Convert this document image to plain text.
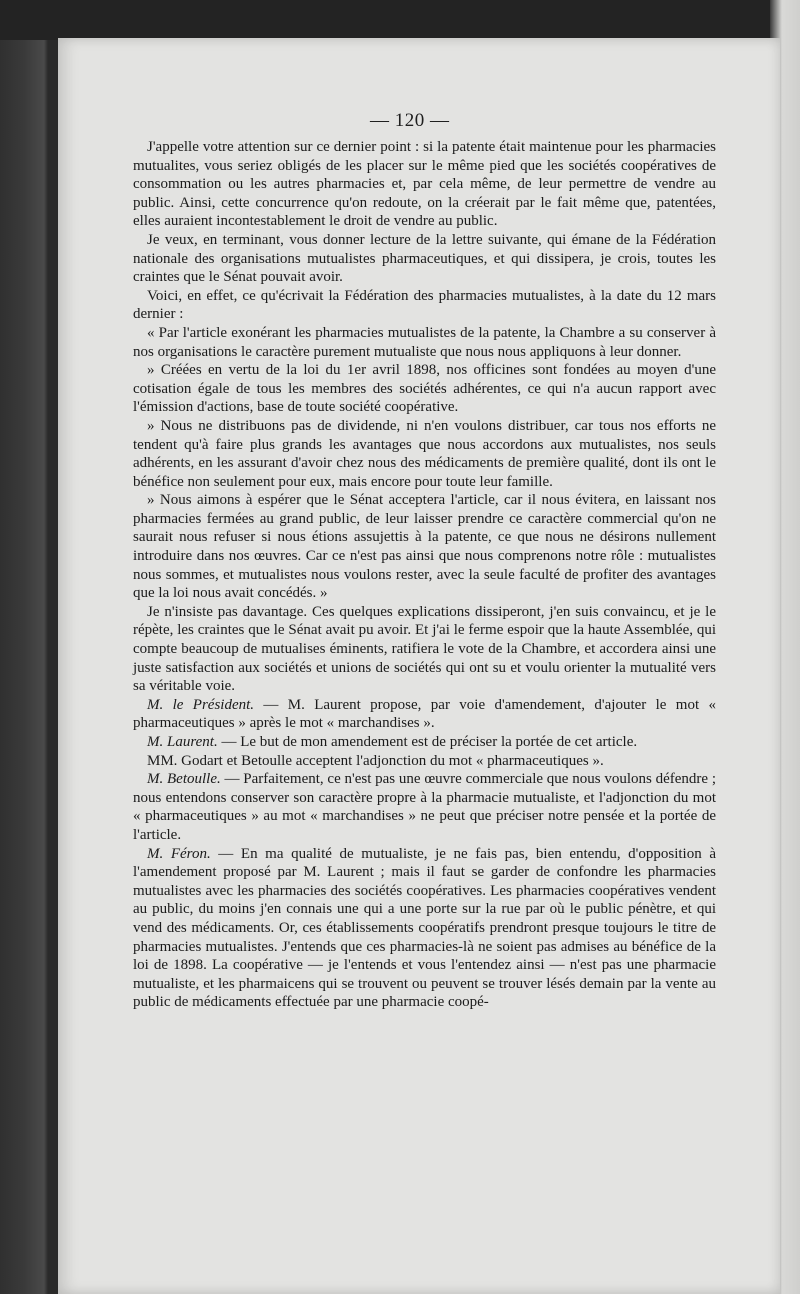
— 120 —

J'appelle votre attention sur ce dernier point : si la patente était maintenue pour les pharmacies mutualites, vous seriez obligés de les placer sur le même pied que les sociétés coopératives de consommation ou les autres pharmacies et, par cela même, de leur permettre de vendre au public. Ainsi, cette concurrence qu'on redoute, on la créerait par le fait même que, patentées, elles auraient incontestablement le droit de vendre au public.

Je veux, en terminant, vous donner lecture de la lettre suivante, qui émane de la Fédération nationale des organisations mutualistes pharmaceutiques, et qui dissipera, je crois, toutes les craintes que le Sénat pouvait avoir.

Voici, en effet, ce qu'écrivait la Fédération des pharmacies mutualistes, à la date du 12 mars dernier :

« Par l'article exonérant les pharmacies mutualistes de la patente, la Chambre a su conserver à nos organisations le caractère purement mutualiste que nous nous appliquons à leur donner.

» Créées en vertu de la loi du 1er avril 1898, nos officines sont fondées au moyen d'une cotisation égale de tous les membres des sociétés adhérentes, ce qui n'a aucun rapport avec l'émission d'actions, base de toute société coopérative.

» Nous ne distribuons pas de dividende, ni n'en voulons distribuer, car tous nos efforts ne tendent qu'à faire plus grands les avantages que nous accordons aux mutualistes, nos seuls adhérents, en les assurant d'avoir chez nous des médicaments de première qualité, dont ils ont le bénéfice non seulement pour eux, mais encore pour toute leur famille.

» Nous aimons à espérer que le Sénat acceptera l'article, car il nous évitera, en laissant nos pharmacies fermées au grand public, de leur laisser prendre ce caractère commercial qu'on ne saurait nous refuser si nous étions assujettis à la patente, ce que nous ne désirons nullement introduire dans nos œuvres. Car ce n'est pas ainsi que nous comprenons notre rôle : mutualistes nous sommes, et mutualistes nous voulons rester, avec la seule faculté de profiter des avantages que la loi nous avait concédés. »

Je n'insiste pas davantage. Ces quelques explications dissiperont, j'en suis convaincu, et je le répète, les craintes que le Sénat avait pu avoir. Et j'ai le ferme espoir que la haute Assemblée, qui compte beaucoup de mutualises éminents, ratifiera le vote de la Chambre, et accordera ainsi une juste satisfaction aux sociétés et unions de sociétés qui ont su et voulu orienter la mutualité vers sa véritable voie.

M. le Président. — M. Laurent propose, par voie d'amendement, d'ajouter le mot « pharmaceutiques » après le mot « marchandises ».

M. Laurent. — Le but de mon amendement est de préciser la portée de cet article.

MM. Godart et Betoulle acceptent l'adjonction du mot « pharmaceutiques ».

M. Betoulle. — Parfaitement, ce n'est pas une œuvre commerciale que nous voulons défendre ; nous entendons conserver son caractère propre à la pharmacie mutualiste, et l'adjonction du mot « pharmaceutiques » au mot « marchandises » ne peut que préciser notre pensée et la portée de l'article.

M. Féron. — En ma qualité de mutualiste, je ne fais pas, bien entendu, d'opposition à l'amendement proposé par M. Laurent ; mais il faut se garder de confondre les pharmacies mutualistes avec les pharmacies des sociétés coopératives. Les pharmacies coopératives vendent au public, du moins j'en connais une qui a une porte sur la rue par où le public pénètre, et qui vend des médicaments. Or, ces établissements coopératifs prendront presque toujours le titre de pharmacies mutualistes. J'entends que ces pharmacies-là ne soient pas admises au bénéfice de la loi de 1898. La coopérative — je l'entends et vous l'entendez ainsi — n'est pas une pharmacie mutualiste, et les pharmaicens qui se trouvent ou peuvent se trouver lésés demain par la vente au public de médicaments effectuée par une pharmacie coopé-
